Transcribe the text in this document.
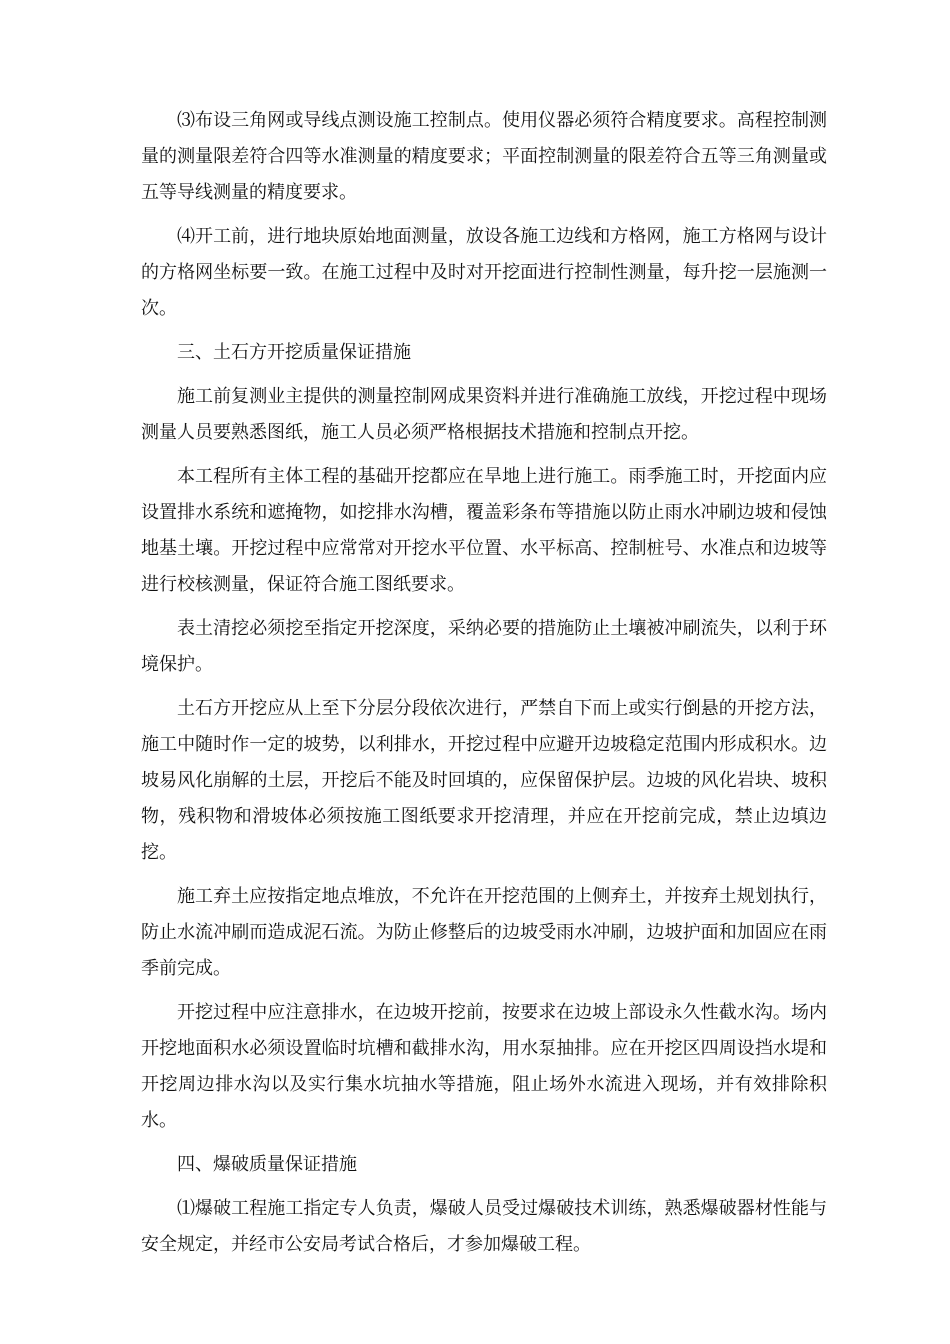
⑶布设三角网或导线点测设施工控制点。使用仪器必须符合精度要求。高程控制测量的测量限差符合四等水准测量的精度要求；平面控制测量的限差符合五等三角测量或五等导线测量的精度要求。

⑷开工前，进行地块原始地面测量，放设各施工边线和方格网，施工方格网与设计的方格网坐标要一致。在施工过程中及时对开挖面进行控制性测量，每升挖一层施测一次。

三、土石方开挖质量保证措施

施工前复测业主提供的测量控制网成果资料并进行准确施工放线，开挖过程中现场测量人员要熟悉图纸，施工人员必须严格根据技术措施和控制点开挖。

本工程所有主体工程的基础开挖都应在旱地上进行施工。雨季施工时，开挖面内应设置排水系统和遮掩物，如挖排水沟槽，覆盖彩条布等措施以防止雨水冲刷边坡和侵蚀地基土壤。开挖过程中应常常对开挖水平位置、水平标高、控制桩号、水准点和边坡等进行校核测量，保证符合施工图纸要求。

表土清挖必须挖至指定开挖深度，采纳必要的措施防止土壤被冲刷流失，以利于环境保护。

土石方开挖应从上至下分层分段依次进行，严禁自下而上或实行倒悬的开挖方法，施工中随时作一定的坡势，以利排水，开挖过程中应避开边坡稳定范围内形成积水。边坡易风化崩解的土层，开挖后不能及时回填的，应保留保护层。边坡的风化岩块、坡积物，残积物和滑坡体必须按施工图纸要求开挖清理，并应在开挖前完成，禁止边填边挖。

施工弃土应按指定地点堆放，不允许在开挖范围的上侧弃土，并按弃土规划执行，防止水流冲刷而造成泥石流。为防止修整后的边坡受雨水冲刷，边坡护面和加固应在雨季前完成。

开挖过程中应注意排水，在边坡开挖前，按要求在边坡上部设永久性截水沟。场内开挖地面积水必须设置临时坑槽和截排水沟，用水泵抽排。应在开挖区四周设挡水堤和开挖周边排水沟以及实行集水坑抽水等措施，阻止场外水流进入现场，并有效排除积水。

四、爆破质量保证措施

⑴爆破工程施工指定专人负责，爆破人员受过爆破技术训练，熟悉爆破器材性能与安全规定，并经市公安局考试合格后，才参加爆破工程。
